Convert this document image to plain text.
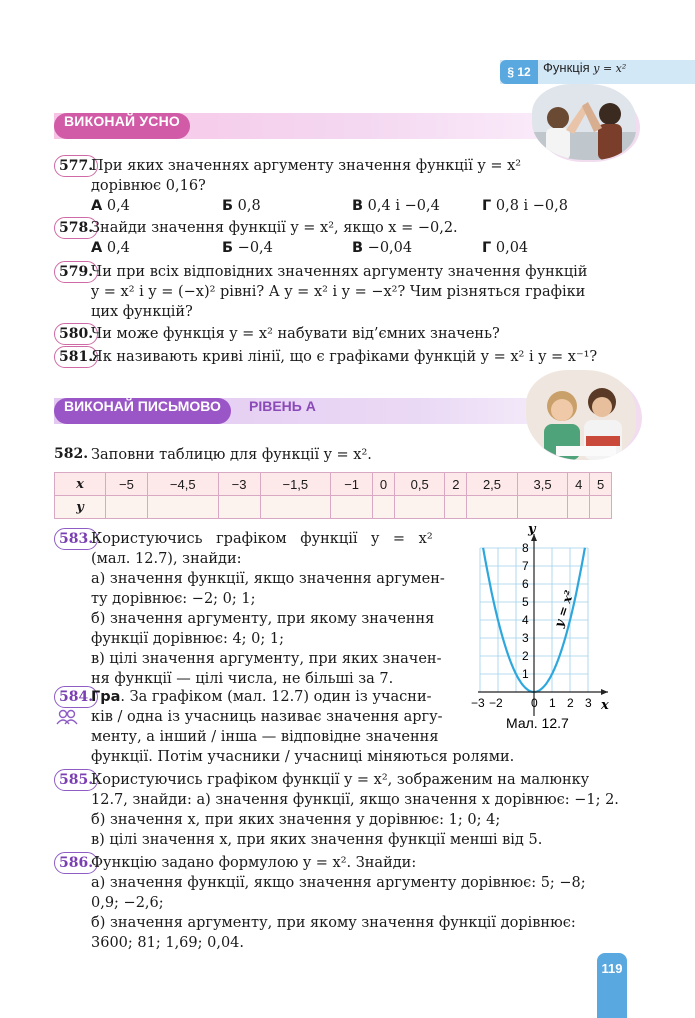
§ 12 Функція y = x²
ВИКОНАЙ УСНО
577.
При яких значеннях аргументу значення функції y = x²
дорівнює 0,16?
А 0,4	Б 0,8	В 0,4 і −0,4	Г 0,8 і −0,8
578.
Знайди значення функції y = x², якщо x = −0,2.
А 0,4	Б −0,4	В −0,04	Г 0,04
579.
Чи при всіх відповідних значеннях аргументу значення функцій
y = x² і y = (−x)² рівні? А y = x² і y = −x²? Чим різняться графіки
цих функцій?
580.
Чи може функція y = x² набувати від’ємних значень?
581.
Як називають криві лінії, що є графіками функцій y = x² і y = x⁻¹?
ВИКОНАЙ ПИСЬМОВО	РІВЕНЬ А
582. Заповни таблицю для функції y = x².
x	−5	−4,5	−3	−1,5	−1	0	0,5	2	2,5	3,5	4	5
y												
583.
Користуючись графіком функції y = x²
(мал. 12.7), знайди:
а) значення функції, якщо значення аргумен-
ту дорівнює: −2; 0; 1;
б) значення аргументу, при якому значення
функції дорівнює: 4; 0; 1;
в) цілі значення аргументу, при яких значен-
ня функції — цілі числа, не більші за 7.
y
x
8
7
6
5
4
3
2
1
−3 −2 0 1 2 3
y = x²
Мал. 12.7
584.
Гра. За графіком (мал. 12.7) один із учасни-
ків / одна із учасниць називає значення аргу-
менту, а інший / інша — відповідне значення
функції. Потім учасники / учасниці міняються ролями.
585.
Користуючись графіком функції y = x², зображеним на малюнку
12.7, знайди: а) значення функції, якщо значення x дорівнює: −1; 2.
б) значення x, при яких значення y дорівнює: 1; 0; 4;
в) цілі значення x, при яких значення функції менші від 5.
586.
Функцію задано формулою y = x². Знайди:
а) значення функції, якщо значення аргументу дорівнює: 5; −8;
0,9; −2,6;
б) значення аргументу, при якому значення функції дорівнює:
3600; 81; 1,69; 0,04.
119
